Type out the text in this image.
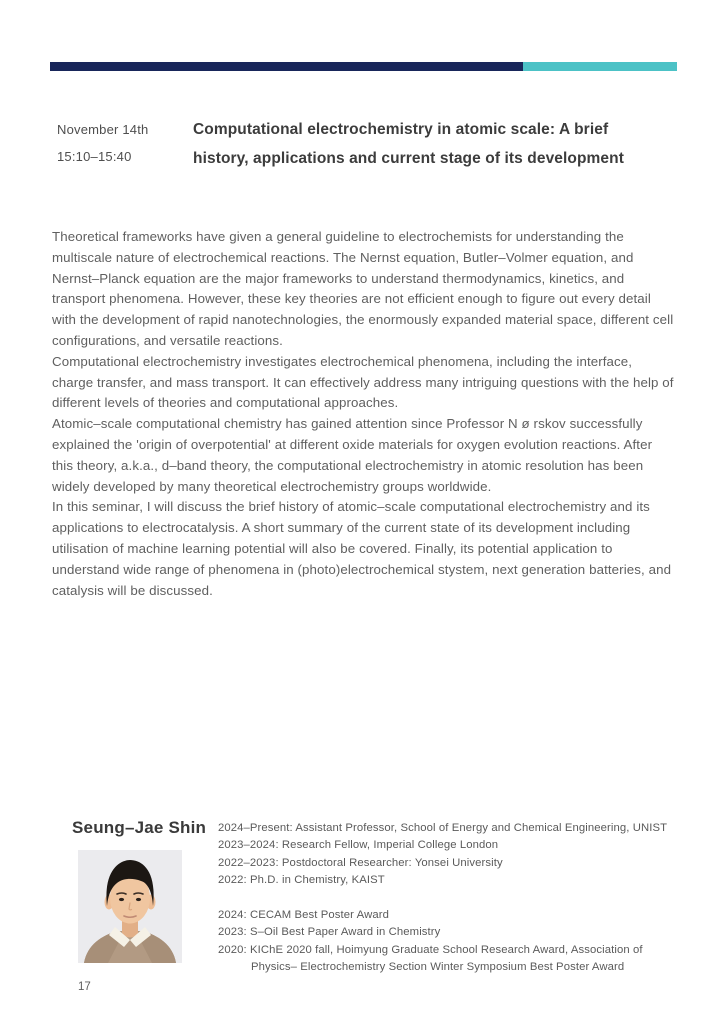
November 14th
15:10–15:40
Computational electrochemistry in atomic scale: A brief history, applications and current stage of its development

Theoretical frameworks have given a general guideline to electrochemists for understanding the multiscale nature of electrochemical reactions. The Nernst equation, Butler–Volmer equation, and Nernst–Planck equation are the major frameworks to understand thermodynamics, kinetics, and transport phenomena. However, these key theories are not efficient enough to figure out every detail with the development of rapid nanotechnologies, the enormously expanded material space, different cell configurations, and versatile reactions.

Computational electrochemistry investigates electrochemical phenomena, including the interface, charge transfer, and mass transport. It can effectively address many intriguing questions with the help of different levels of theories and computational approaches.

Atomic–scale computational chemistry has gained attention since Professor N ø rskov successfully explained the 'origin of overpotential' at different oxide materials for oxygen evolution reactions. After this theory, a.k.a., d–band theory, the computational electrochemistry in atomic resolution has been widely developed by many theoretical electrochemistry groups worldwide.

In this seminar, I will discuss the brief history of atomic–scale computational electrochemistry and its applications to electrocatalysis. A short summary of the current state of its development including utilisation of machine learning potential will also be covered. Finally, its potential application to understand wide range of phenomena in (photo)electrochemical stystem, next generation batteries, and catalysis will be discussed.

Seung–Jae Shin 2024–Present: Assistant Professor, School of Energy and Chemical Engineering, UNIST
2023–2024: Research Fellow, Imperial College London
2022–2023: Postdoctoral Researcher: Yonsei University
2022: Ph.D. in Chemistry, KAIST
2024: CECAM Best Poster Award
2023: S–Oil Best Paper Award in Chemistry
2020: KIChE 2020 fall, Hoimyung Graduate School Research Award, Association of Physics– Electrochemistry Section Winter Symposium Best Poster Award
17
